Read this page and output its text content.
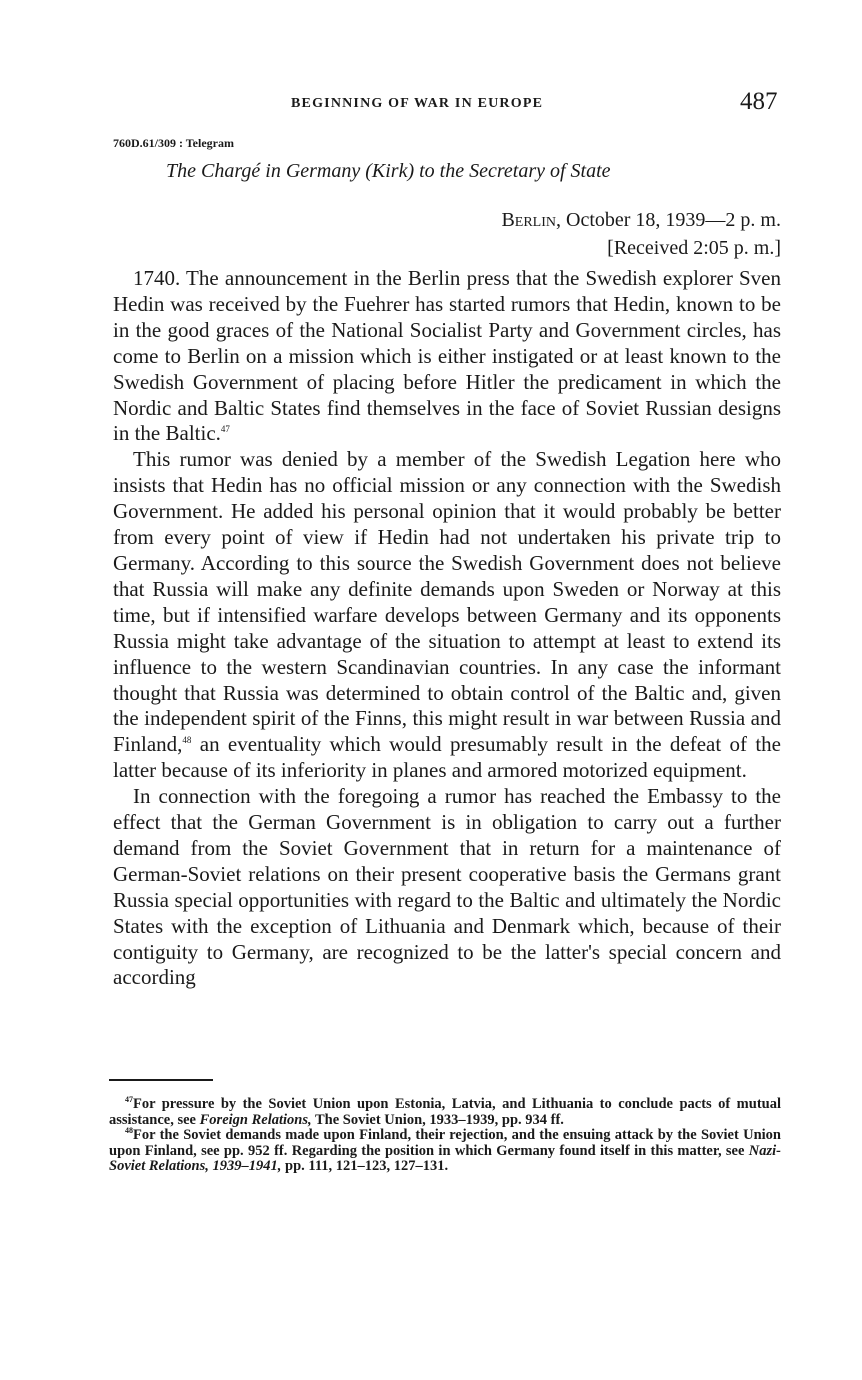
BEGINNING OF WAR IN EUROPE	487
760D.61/309 : Telegram
The Chargé in Germany (Kirk) to the Secretary of State
Berlin, October 18, 1939—2 p. m.
[Received 2:05 p. m.]

1740. The announcement in the Berlin press that the Swedish explorer Sven Hedin was received by the Fuehrer has started rumors that Hedin, known to be in the good graces of the National Socialist Party and Government circles, has come to Berlin on a mission which is either instigated or at least known to the Swedish Government of placing before Hitler the predicament in which the Nordic and Baltic States find themselves in the face of Soviet Russian designs in the Baltic.$^{47}$

This rumor was denied by a member of the Swedish Legation here who insists that Hedin has no official mission or any connection with the Swedish Government. He added his personal opinion that it would probably be better from every point of view if Hedin had not undertaken his private trip to Germany. According to this source the Swedish Government does not believe that Russia will make any definite demands upon Sweden or Norway at this time, but if intensified warfare develops between Germany and its opponents Russia might take advantage of the situation to attempt at least to extend its influence to the western Scandinavian countries. In any case the informant thought that Russia was determined to obtain control of the Baltic and, given the independent spirit of the Finns, this might result in war between Russia and Finland,$^{48}$ an eventuality which would presumably result in the defeat of the latter because of its inferiority in planes and armored motorized equipment.

In connection with the foregoing a rumor has reached the Embassy to the effect that the German Government is in obligation to carry out a further demand from the Soviet Government that in return for a maintenance of German-Soviet relations on their present cooperative basis the Germans grant Russia special opportunities with regard to the Baltic and ultimately the Nordic States with the exception of Lithuania and Denmark which, because of their contiguity to Germany, are recognized to be the latter's special concern and according

$^{47}$For pressure by the Soviet Union upon Estonia, Latvia, and Lithuania to conclude pacts of mutual assistance, see Foreign Relations, The Soviet Union, 1933–1939, pp. 934 ff.

$^{48}$For the Soviet demands made upon Finland, their rejection, and the ensuing attack by the Soviet Union upon Finland, see pp. 952 ff. Regarding the position in which Germany found itself in this matter, see Nazi-Soviet Relations, 1939–1941, pp. 111, 121–123, 127–131.
